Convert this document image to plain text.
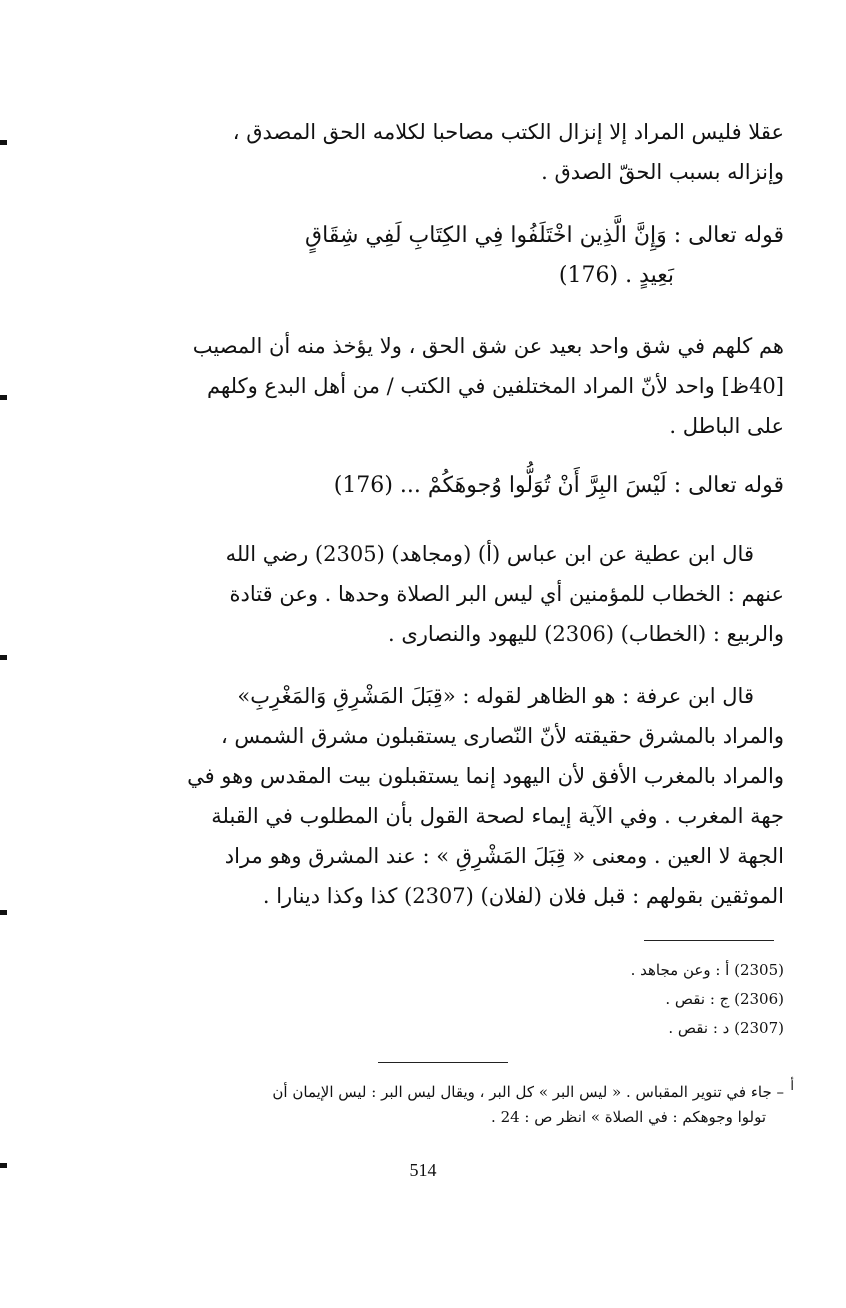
عقلا فليس المراد إلا إنزال الكتب مصاحبا لكلامه الحق المصدق ،

وإنزاله بسبب الحقّ الصدق .

قوله تعالى : وَإِنَّ الَّذِين اخْتَلَفُوا فِي الكِتَابِ لَفِي شِقَاقٍ

بَعِيدٍ . (176)

هم كلهم في شق واحد بعيد عن شق الحق ، ولا يؤخذ منه أن المصيب

[40ظ] واحد لأنّ المراد المختلفين في الكتب / من أهل البدع وكلهم

على الباطل .

قوله تعالى : لَيْسَ البِرَّ أَنْ تُوَلُّوا وُجوهَكُمْ ... (176)

قال ابن عطية عن ابن عباس (أ) (ومجاهد) (2305) رضي الله

عنهم : الخطاب للمؤمنين أي ليس البر الصلاة وحدها . وعن قتادة

والربيع : (الخطاب) (2306) لليهود والنصارى .

قال ابن عرفة : هو الظاهر لقوله : «قِبَلَ المَشْرِقِ وَالمَغْرِبِ»

والمراد بالمشرق حقيقته لأنّ النّصارى يستقبلون مشرق الشمس ،

والمراد بالمغرب الأفق لأن اليهود إنما يستقبلون بيت المقدس وهو في

جهة المغرب . وفي الآية إيماء لصحة القول بأن المطلوب في القبلة

الجهة لا العين . ومعنى « قِبَلَ المَشْرِقِ » : عند المشرق وهو مراد

الموثقين بقولهم : قبل فلان (لفلان) (2307) كذا وكذا دينارا .

(2305) أ : وعن مجاهد .
(2306) ج : نقص .
(2307) د : نقص .
أ
– جاء في تنوير المقباس . « ليس البر » كل البر ، ويقال ليس البر : ليس الإيمان أن
تولوا وجوهكم : في الصلاة » انظر ص : 24 .
514
